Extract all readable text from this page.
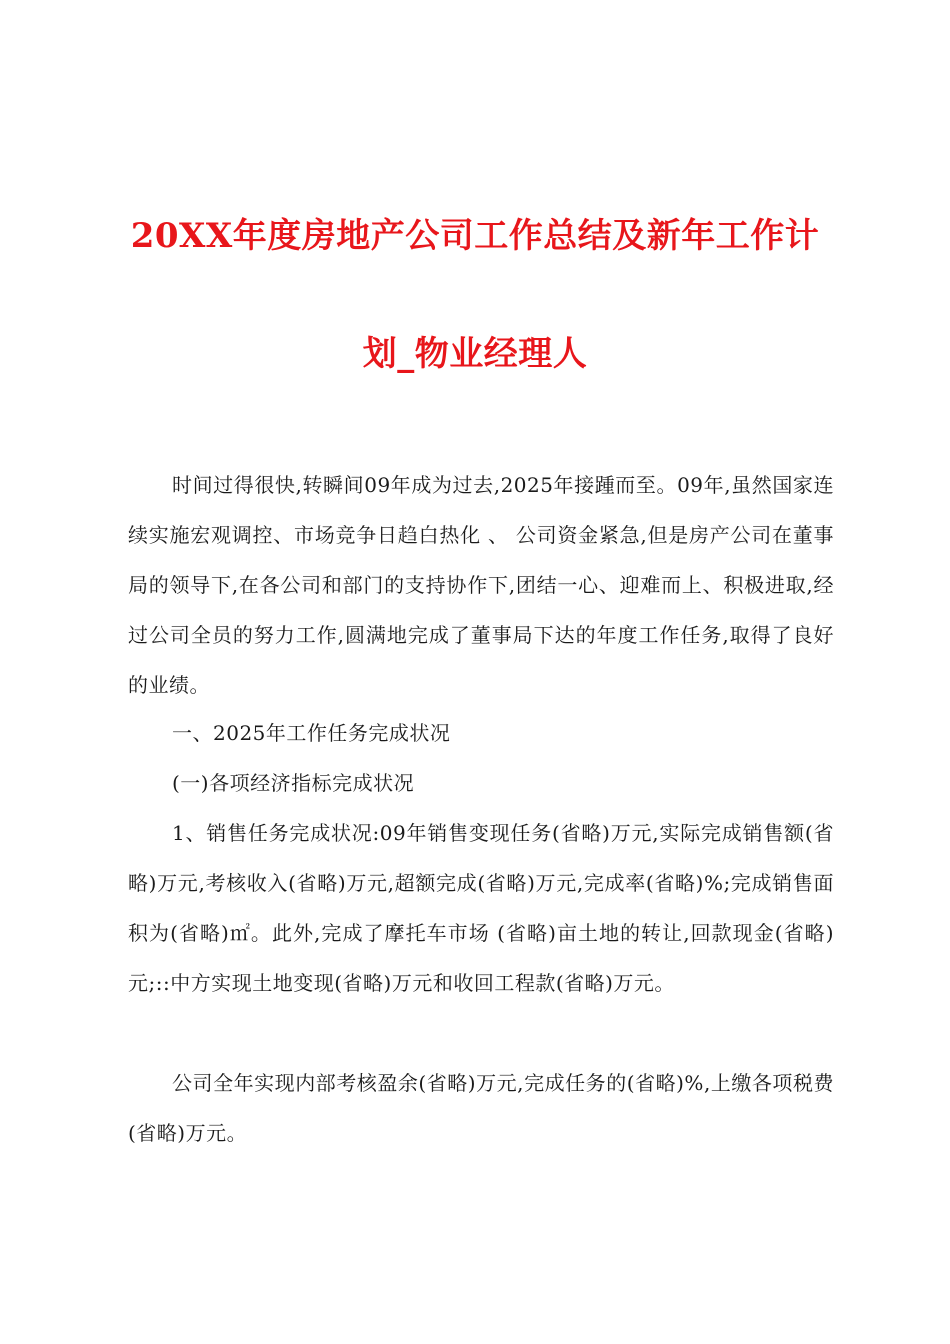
20XX年度房地产公司工作总结及新年工作计
划_物业经理人

时间过得很快,转瞬间09年成为过去,2025年接踵而至。09年,虽然国家连续实施宏观调控、市场竞争日趋白热化 、 公司资金紧急,但是房产公司在董事局的领导下,在各公司和部门的支持协作下,团结一心、迎难而上、积极进取,经过公司全员的努力工作,圆满地完成了董事局下达的年度工作任务,取得了良好的业绩。

一、2025年工作任务完成状况

(一)各项经济指标完成状况

1、销售任务完成状况:09年销售变现任务(省略)万元,实际完成销售额(省略)万元,考核收入(省略)万元,超额完成(省略)万元,完成率(省略)%;完成销售面积为(省略)㎡。此外,完成了摩托车市场 (省略)亩土地的转让,回款现金(省略)元;::中方实现土地变现(省略)万元和收回工程款(省略)万元。

公司全年实现内部考核盈余(省略)万元,完成任务的(省略)%,上缴各项税费(省略)万元。
